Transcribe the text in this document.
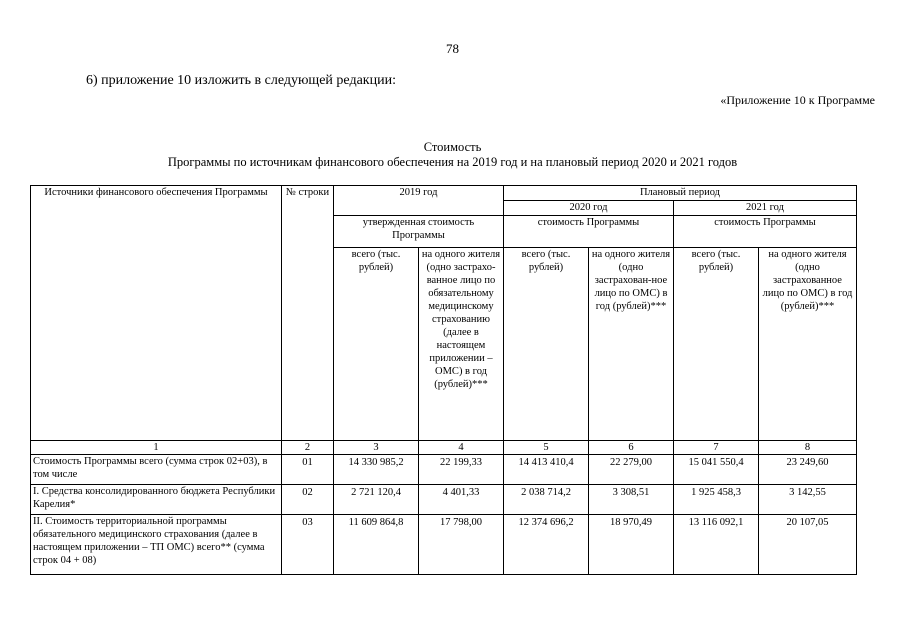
78
6) приложение 10 изложить в следующей редакции:
«Приложение 10 к Программе
Стоимость
Программы по источникам финансового обеспечения на 2019 год и на плановый период 2020 и 2021 годов
Источники финансового обеспечения Программы	№ строки	2019 год		Плановый период			
				2020 год		2021 год	
		утвержденная стоимость Программы		стоимость Программы		стоимость Программы	
		всего (тыс. рублей)	на одного жителя (одно застрахо-ванное лицо по обязательному медицинскому страхованию (далее в настоящем приложении – ОМС) в год (рублей)***	всего (тыс. рублей)	на одного жителя (одно застрахован-ное лицо по ОМС) в год (рублей)***	всего (тыс. рублей)	на одного жителя (одно застрахованное лицо по ОМС) в год (рублей)***
1	2	3	4	5	6	7	8
Стоимость Программы всего (сумма строк 02+03), в том числе	01	14 330 985,2	22 199,33	14 413 410,4	22 279,00	15 041 550,4	23 249,60
I. Средства консолидированного бюджета Республики Карелия*	02	2 721 120,4	4 401,33	2 038 714,2	3 308,51	1 925 458,3	3 142,55
II. Стоимость территориальной программы обязательного медицинского страхования (далее в настоящем приложении – ТП ОМС) всего** (сумма строк 04 + 08)	03	11 609 864,8	17 798,00	12 374 696,2	18 970,49	13 116 092,1	20 107,05
